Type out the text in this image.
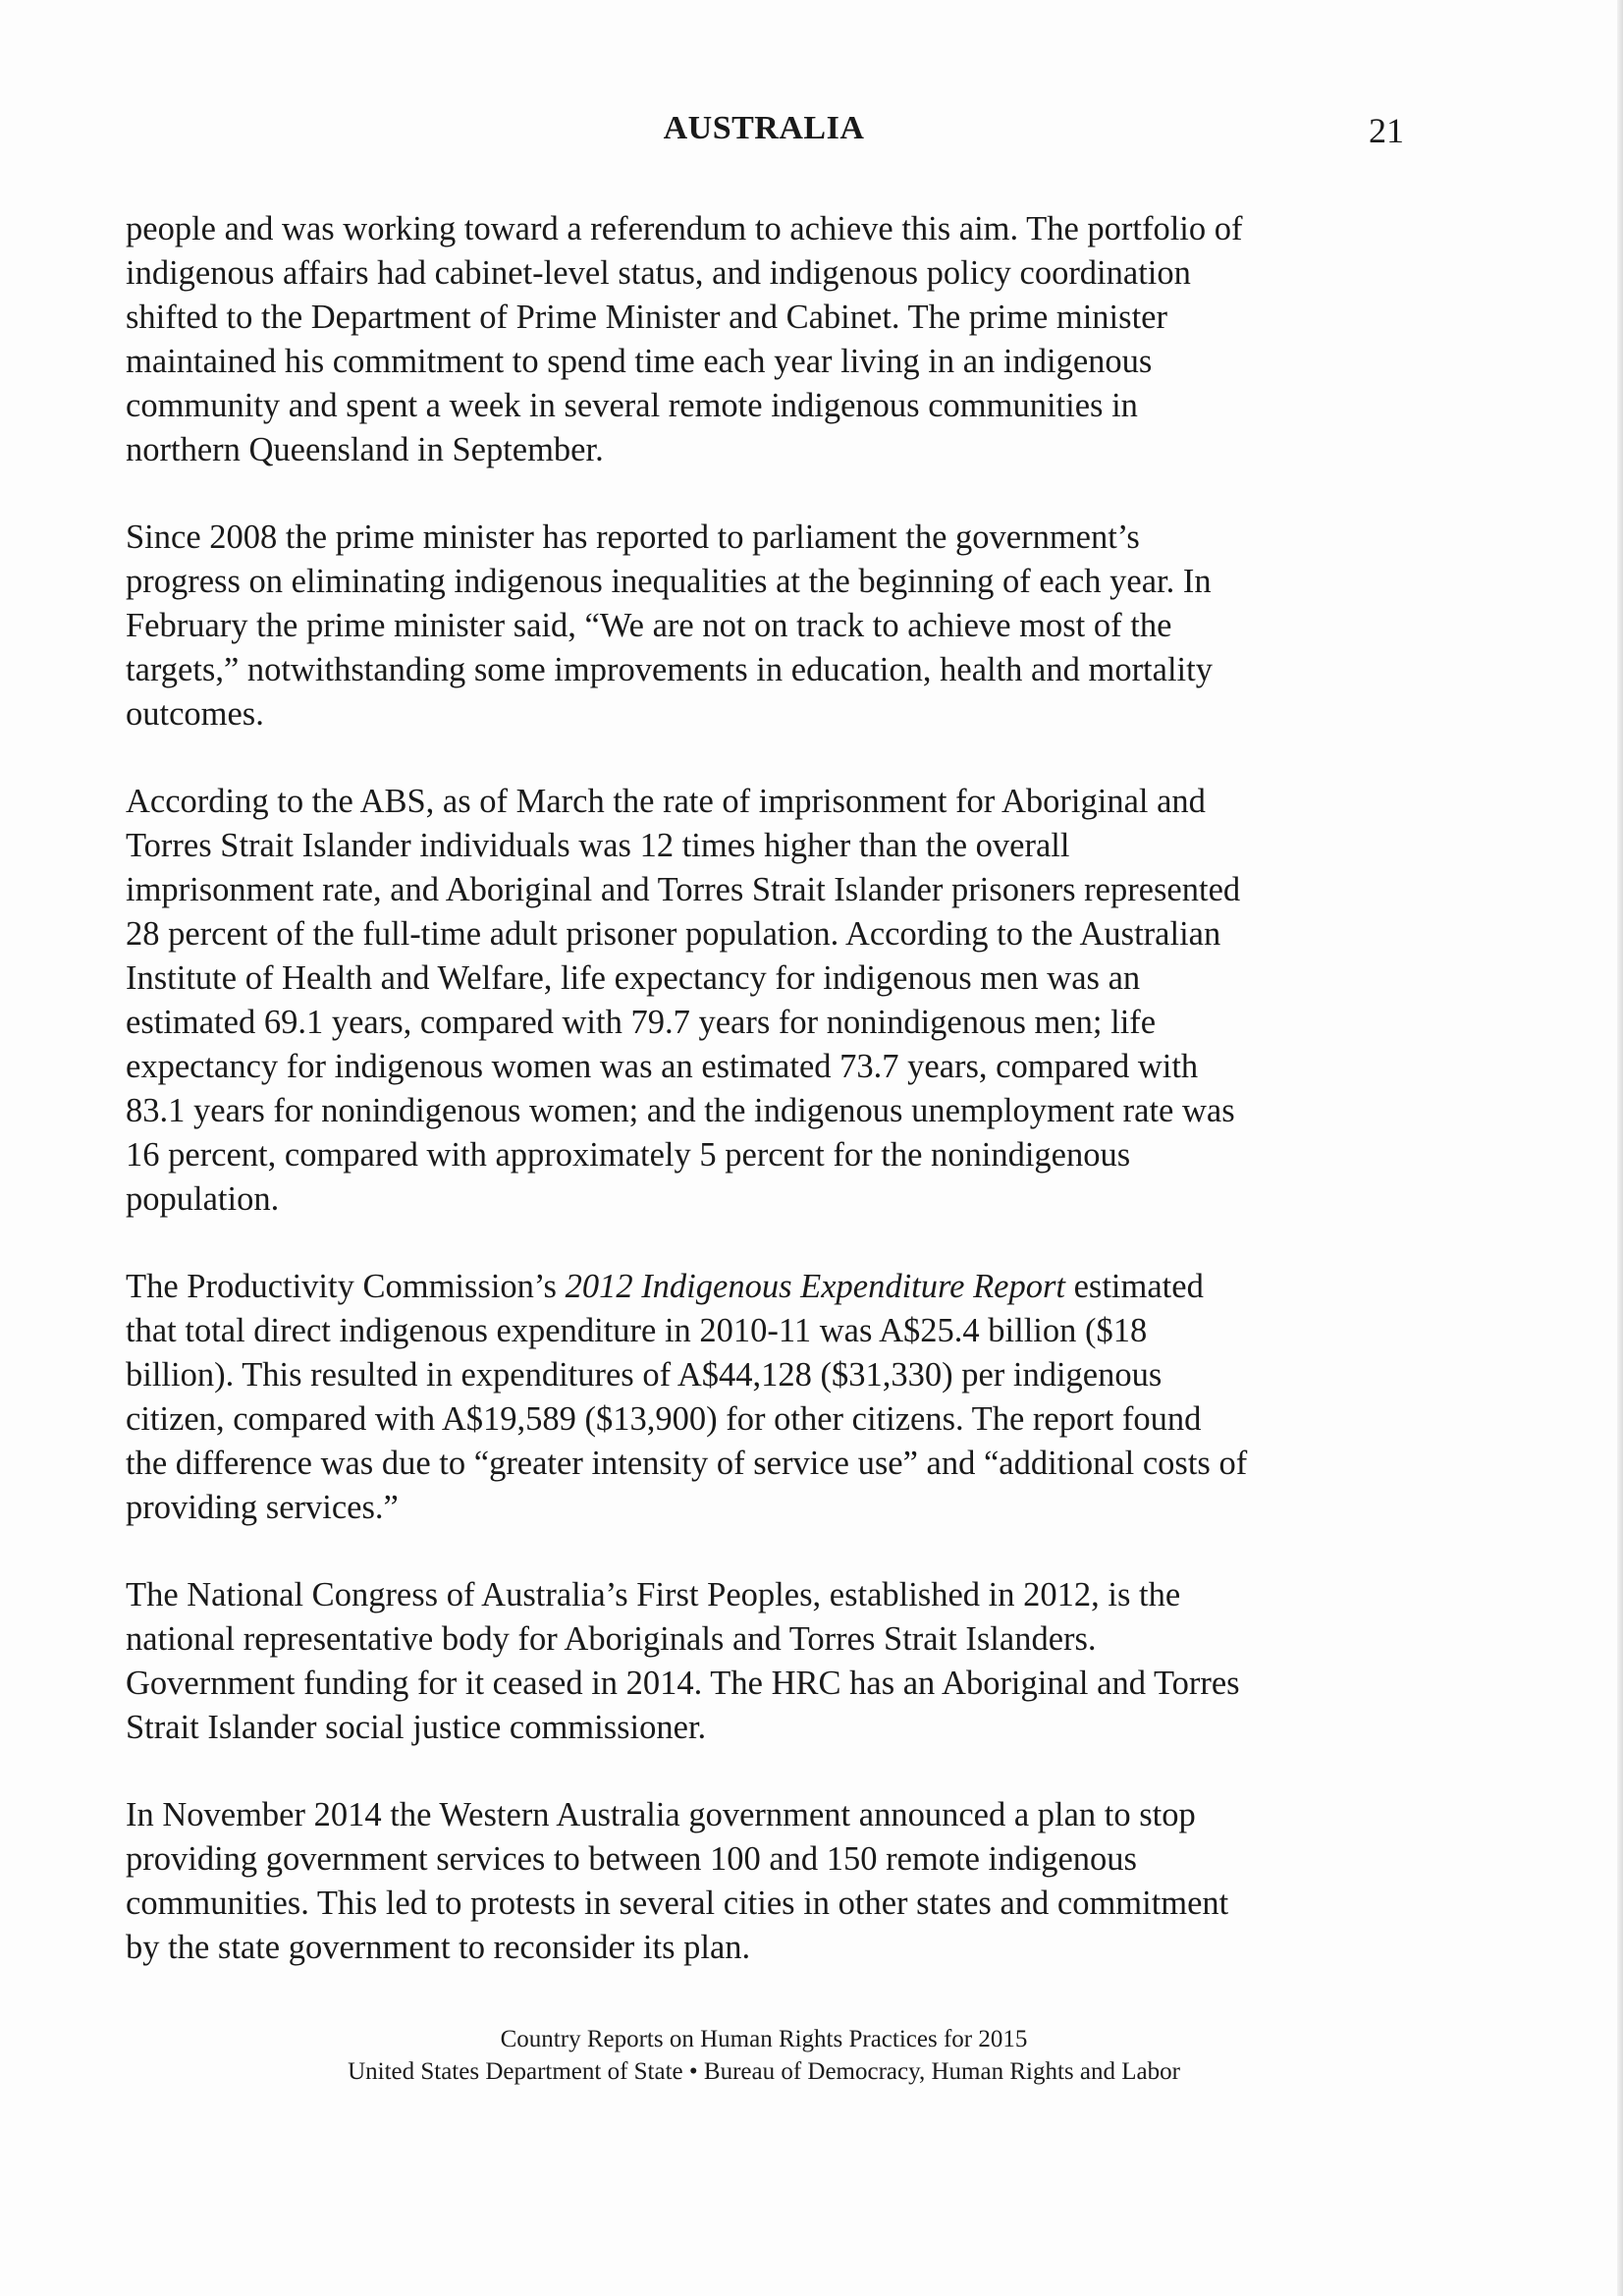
AUSTRALIA	21

people and was working toward a referendum to achieve this aim. The portfolio of
indigenous affairs had cabinet-level status, and indigenous policy coordination
shifted to the Department of Prime Minister and Cabinet. The prime minister
maintained his commitment to spend time each year living in an indigenous
community and spent a week in several remote indigenous communities in
northern Queensland in September.

Since 2008 the prime minister has reported to parliament the government’s
progress on eliminating indigenous inequalities at the beginning of each year. In
February the prime minister said, “We are not on track to achieve most of the
targets,” notwithstanding some improvements in education, health and mortality
outcomes.

According to the ABS, as of March the rate of imprisonment for Aboriginal and
Torres Strait Islander individuals was 12 times higher than the overall
imprisonment rate, and Aboriginal and Torres Strait Islander prisoners represented
28 percent of the full-time adult prisoner population. According to the Australian
Institute of Health and Welfare, life expectancy for indigenous men was an
estimated 69.1 years, compared with 79.7 years for nonindigenous men; life
expectancy for indigenous women was an estimated 73.7 years, compared with
83.1 years for nonindigenous women; and the indigenous unemployment rate was
16 percent, compared with approximately 5 percent for the nonindigenous
population.

The Productivity Commission’s 2012 Indigenous Expenditure Report estimated
that total direct indigenous expenditure in 2010-11 was A$25.4 billion ($18
billion). This resulted in expenditures of A$44,128 ($31,330) per indigenous
citizen, compared with A$19,589 ($13,900) for other citizens. The report found
the difference was due to “greater intensity of service use” and “additional costs of
providing services.”

The National Congress of Australia’s First Peoples, established in 2012, is the
national representative body for Aboriginals and Torres Strait Islanders.
Government funding for it ceased in 2014. The HRC has an Aboriginal and Torres
Strait Islander social justice commissioner.

In November 2014 the Western Australia government announced a plan to stop
providing government services to between 100 and 150 remote indigenous
communities. This led to protests in several cities in other states and commitment
by the state government to reconsider its plan.

Country Reports on Human Rights Practices for 2015
United States Department of State • Bureau of Democracy, Human Rights and Labor
